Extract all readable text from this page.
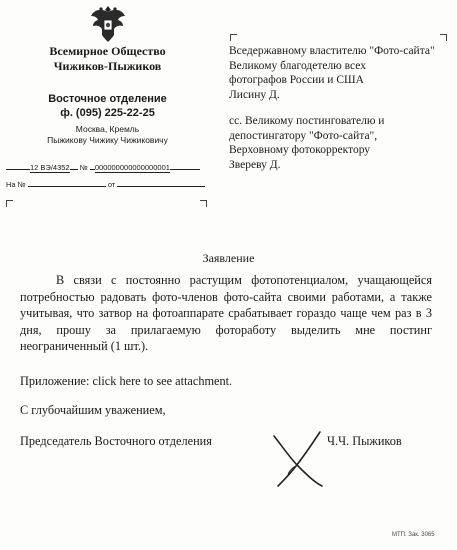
Всемирное Общество
Чижиков-Пыжиков
Восточное отделение
ф. (095) 225-22-25
Москва, Кремль
Пыжикову Чижику Чижиковичу
12 ВЭ/4352 № 000000000000000001
На №	от

Вседержавному властителю "Фото-сайта"
Великому благодетелю всех
фотографов России и США
Лисину Д.

сс. Великому постингователю и
депостингатору "Фото-сайта",
Верховному фотокорректору
Звереву Д.

Заявление
В связи с постоянно растущим фотопотенциалом, учащающейся потребностью радовать фото-членов фото-сайта своими работами, а также учитывая, что затвор на фотоаппарате срабатывает гораздо чаще чем раз в 3 дня, прошу за прилагаемую фотоработу выделить мне постинг неограниченный (1 шт.).
Приложение: click here to see attachment.
С глубочайшим уважением,
Председатель Восточного отделения	Ч.Ч. Пыжиков
МТП. Зак. 3065
